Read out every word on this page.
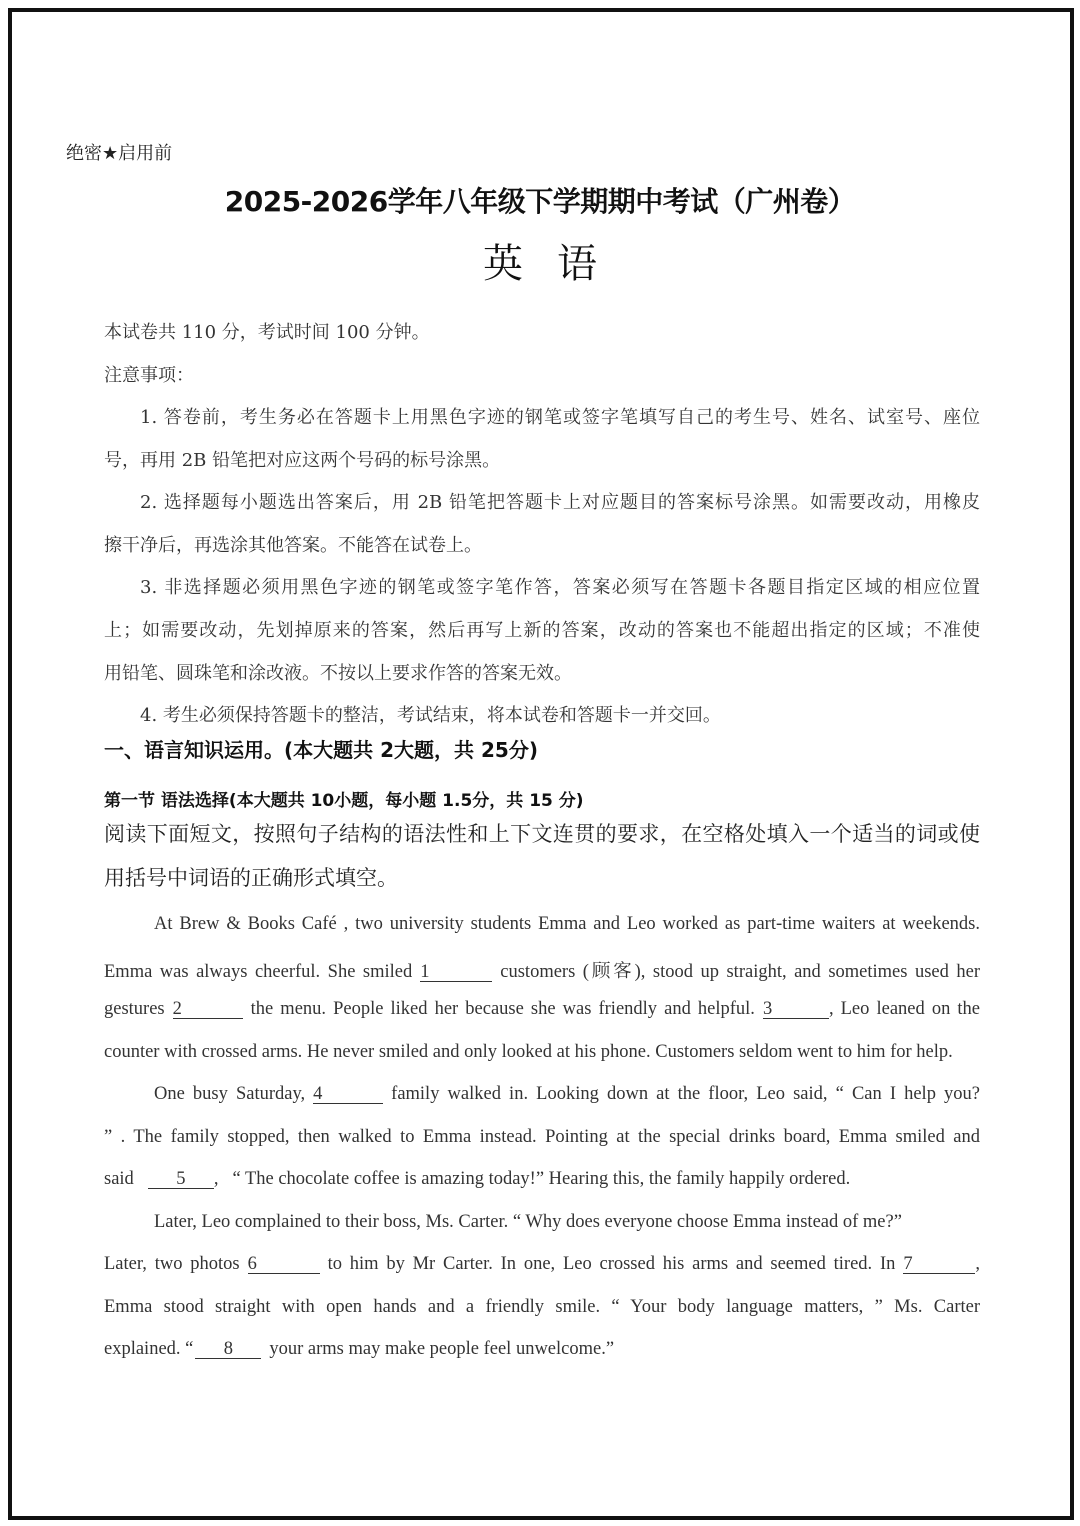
绝密★启用前
2025-2026学年八年级下学期期中考试（广州卷）
英语
本试卷共 110 分，考试时间 100 分钟。
注意事项：
1. 答卷前，考生务必在答题卡上用黑色字迹的钢笔或签字笔填写自己的考生号、姓名、试室号、座位
号，再用 2B 铅笔把对应这两个号码的标号涂黑。
2. 选择题每小题选出答案后，用 2B 铅笔把答题卡上对应题目的答案标号涂黑。如需要改动，用橡皮
擦干净后，再选涂其他答案。不能答在试卷上。
3. 非选择题必须用黑色字迹的钢笔或签字笔作答，答案必须写在答题卡各题目指定区域的相应位置
上；如需要改动，先划掉原来的答案，然后再写上新的答案，改动的答案也不能超出指定的区域；不准使
用铅笔、圆珠笔和涂改液。不按以上要求作答的答案无效。
4. 考生必须保持答题卡的整洁，考试结束，将本试卷和答题卡一并交回。
一、语言知识运用。(本大题共 2大题，共 25分)
第一节 语法选择(本大题共 10小题，每小题 1.5分，共 15 分)
阅读下面短文，按照句子结构的语法性和上下文连贯的要求，在空格处填入一个适当的词或使
用括号中词语的正确形式填空。
At Brew & Books Café , two university students Emma and Leo worked as part-time waiters at weekends.
Emma was always cheerful. She smiled 1	customers (顾客), stood up straight, and sometimes used her
gestures 2	the menu. People liked her because she was friendly and helpful. 3	, Leo leaned on the
counter with crossed arms. He never smiled and only looked at his phone. Customers seldom went to him for help.
One busy Saturday, 4	family walked in. Looking down at the floor, Leo said, “ Can I help you?
” . The family stopped, then walked to Emma instead. Pointing at the special drinks board, Emma smiled and
said 5 , “ The chocolate coffee is amazing today!” Hearing this, the family happily ordered.
Later, Leo complained to their boss, Ms. Carter. “ Why does everyone choose Emma instead of me?”
Later, two photos 6	to him by Mr Carter. In one, Leo crossed his arms and seemed tired. In 7	,
Emma stood straight with open hands and a friendly smile. “ Your body language matters, ” Ms. Carter
explained. “ 8 your arms may make people feel unwelcome.”
